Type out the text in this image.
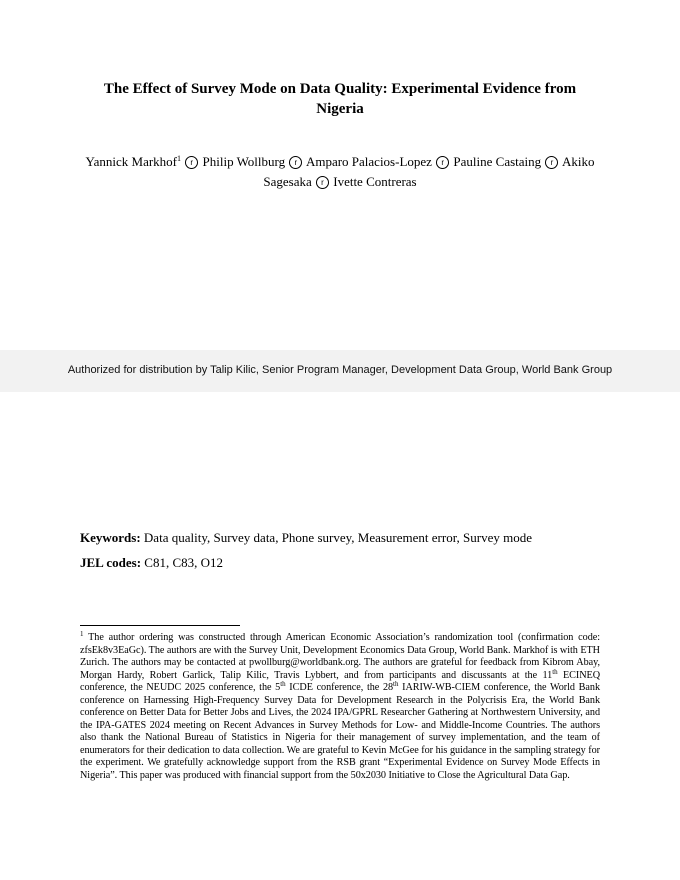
The Effect of Survey Mode on Data Quality: Experimental Evidence from Nigeria
Yannick Markhof$^1$ r Philip Wollburg r Amparo Palacios-Lopez r Pauline Castaing r Akiko Sagesaka r Ivette Contreras
Authorized for distribution by Talip Kilic, Senior Program Manager, Development Data Group, World Bank Group
Keywords: Data quality, Survey data, Phone survey, Measurement error, Survey mode
JEL codes: C81, C83, O12
$^1$ The author ordering was constructed through American Economic Association’s randomization tool (confirmation code: zfsEk8v3EaGc). The authors are with the Survey Unit, Development Economics Data Group, World Bank. Markhof is with ETH Zurich. The authors may be contacted at pwollburg@worldbank.org. The authors are grateful for feedback from Kibrom Abay, Morgan Hardy, Robert Garlick, Talip Kilic, Travis Lybbert, and from participants and discussants at the 11th ECINEQ conference, the NEUDC 2025 conference, the 5th ICDE conference, the 28th IARIW-WB-CIEM conference, the World Bank conference on Harnessing High-Frequency Survey Data for Development Research in the Polycrisis Era, the World Bank conference on Better Data for Better Jobs and Lives, the 2024 IPA/GPRL Researcher Gathering at Northwestern University, and the IPA-GATES 2024 meeting on Recent Advances in Survey Methods for Low- and Middle-Income Countries. The authors also thank the National Bureau of Statistics in Nigeria for their management of survey implementation, and the team of enumerators for their dedication to data collection. We are grateful to Kevin McGee for his guidance in the sampling strategy for the experiment. We gratefully acknowledge support from the RSB grant “Experimental Evidence on Survey Mode Effects in Nigeria”. This paper was produced with financial support from the 50x2030 Initiative to Close the Agricultural Data Gap.
